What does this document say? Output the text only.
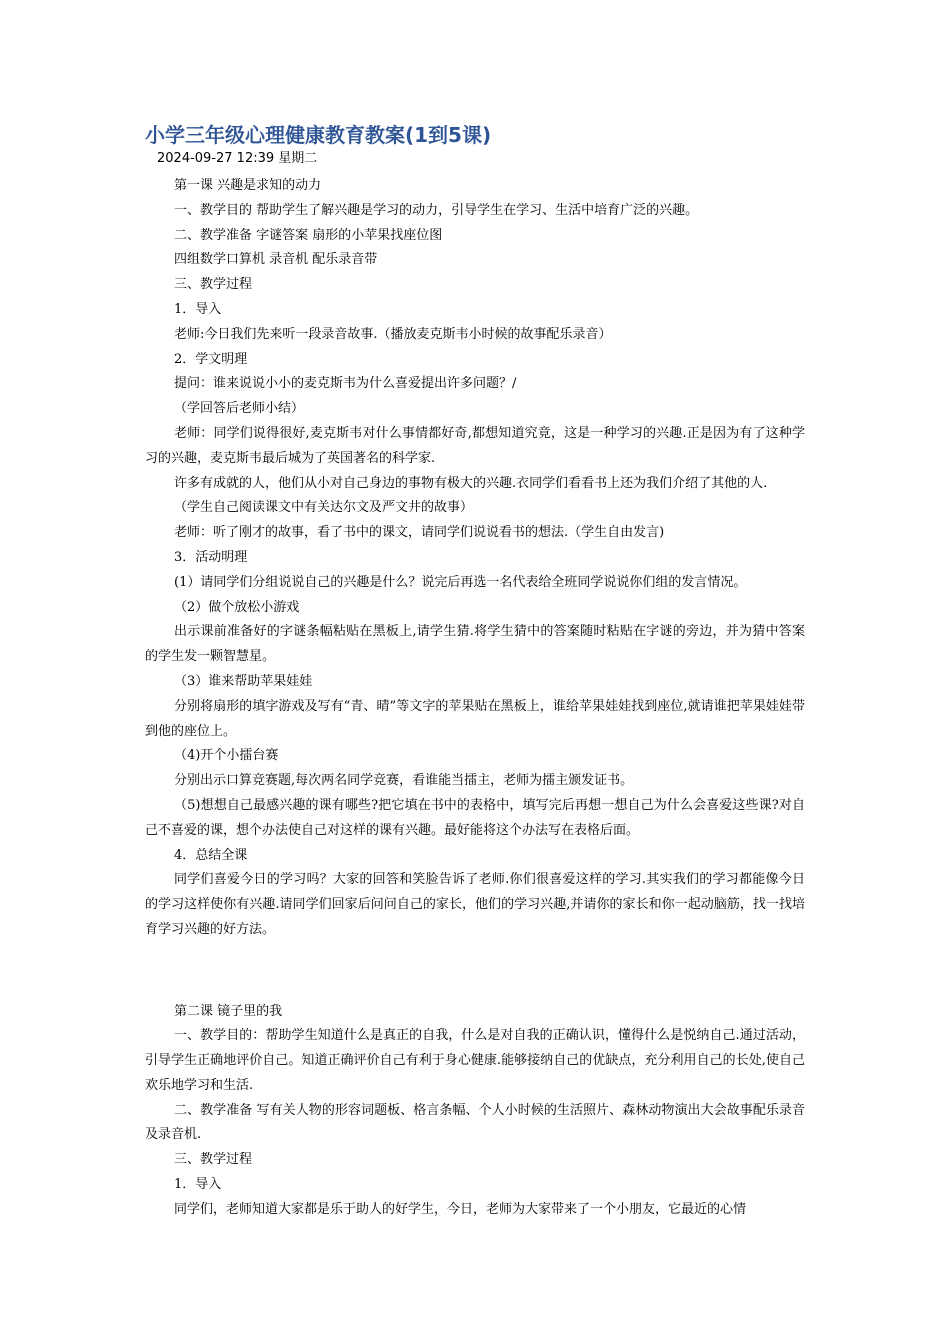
小学三年级心理健康教育教案(1到5课)
2024-09-27 12:39 星期二

第一课 兴趣是求知的动力

一、教学目的 帮助学生了解兴趣是学习的动力，引导学生在学习、生活中培育广泛的兴趣。

二、教学准备 字谜答案 扇形的小苹果找座位图

四组数学口算机 录音机 配乐录音带

三、教学过程

1．导入

老师:今日我们先来听一段录音故事.（播放麦克斯韦小时候的故事配乐录音）

2．学文明理

提问：谁来说说小小的麦克斯韦为什么喜爱提出许多问题？/

（学回答后老师小结）

老师：同学们说得很好,麦克斯韦对什么事情都好奇,都想知道究竟，这是一种学习的兴趣.正是因为有了这种学习的兴趣，麦克斯韦最后城为了英国著名的科学家.

许多有成就的人，他们从小对自己身边的事物有极大的兴趣.衣同学们看看书上还为我们介绍了其他的人.

（学生自己阅读课文中有关达尔文及严文井的故事）

老师：听了刚才的故事，看了书中的课文，请同学们说说看书的想法.（学生自由发言)

3．活动明理

(1）请同学们分组说说自己的兴趣是什么？说完后再选一名代表给全班同学说说你们组的发言情况。

（2）做个放松小游戏

出示课前准备好的字谜条幅粘贴在黑板上,请学生猜.将学生猜中的答案随时粘贴在字谜的旁边，并为猜中答案的学生发一颗智慧星。

（3）谁来帮助苹果娃娃

分别将扇形的填字游戏及写有“青、晴”等文字的苹果贴在黑板上，谁给苹果娃娃找到座位,就请谁把苹果娃娃带到他的座位上。

（4)开个小擂台赛

分别出示口算竞赛题,每次两名同学竞赛，看谁能当擂主，老师为擂主颁发证书。

（5)想想自己最感兴趣的课有哪些?把它填在书中的表格中，填写完后再想一想自己为什么会喜爱这些课?对自己不喜爱的课，想个办法使自己对这样的课有兴趣。最好能将这个办法写在表格后面。

4．总结全课

同学们喜爱今日的学习吗？大家的回答和笑脸告诉了老师.你们很喜爱这样的学习.其实我们的学习都能像今日的学习这样使你有兴趣.请同学们回家后问问自己的家长，他们的学习兴趣,并请你的家长和你一起动脑筋，找一找培育学习兴趣的好方法。

第二课 镜子里的我

一、教学目的：帮助学生知道什么是真正的自我，什么是对自我的正确认识，懂得什么是悦纳自己.通过活动，引导学生正确地评价自己。知道正确评价自己有利于身心健康.能够接纳自己的优缺点，充分利用自己的长处,使自己欢乐地学习和生活.

二、教学准备 写有关人物的形容词题板、格言条幅、个人小时候的生活照片、森林动物演出大会故事配乐录音及录音机.

三、教学过程

1．导入

同学们，老师知道大家都是乐于助人的好学生，今日，老师为大家带来了一个小朋友，它最近的心情
